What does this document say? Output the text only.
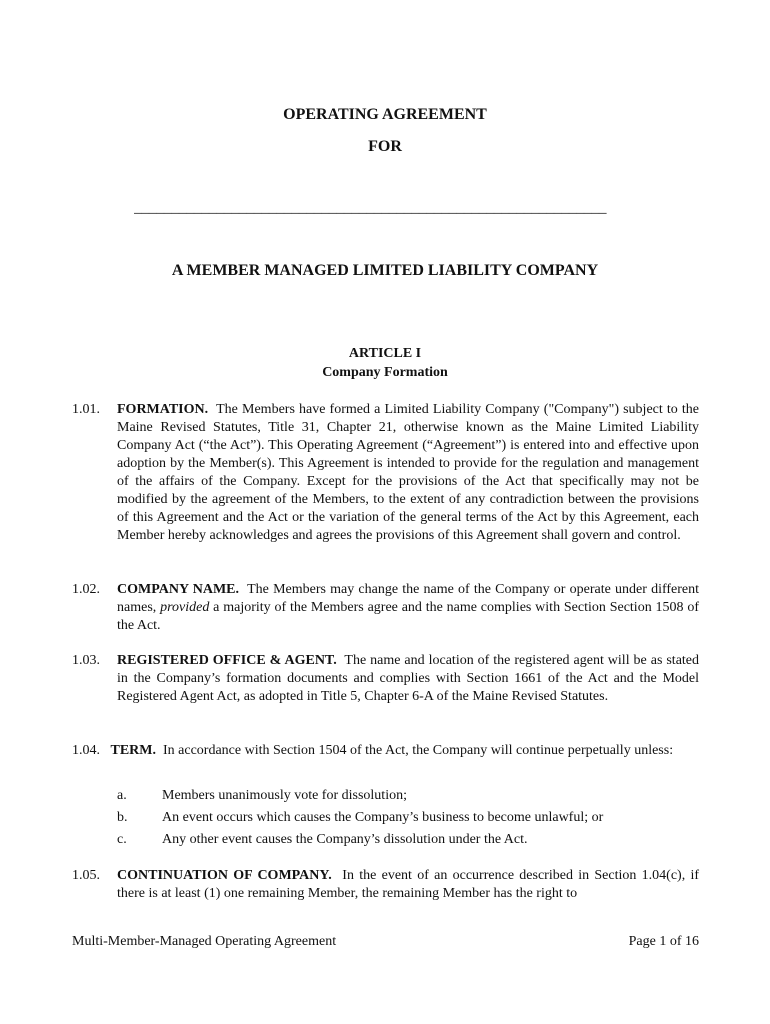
OPERATING AGREEMENT
FOR
_______________________________________________________________
A MEMBER MANAGED LIMITED LIABILITY COMPANY
ARTICLE I
Company Formation
1.01. FORMATION. The Members have formed a Limited Liability Company ("Company") subject to the Maine Revised Statutes, Title 31, Chapter 21, otherwise known as the Maine Limited Liability Company Act (“the Act”). This Operating Agreement (“Agreement”) is entered into and effective upon adoption by the Member(s). This Agreement is intended to provide for the regulation and management of the affairs of the Company. Except for the provisions of the Act that specifically may not be modified by the agreement of the Members, to the extent of any contradiction between the provisions of this Agreement and the Act or the variation of the general terms of the Act by this Agreement, each Member hereby acknowledges and agrees the provisions of this Agreement shall govern and control.
1.02. COMPANY NAME. The Members may change the name of the Company or operate under different names, provided a majority of the Members agree and the name complies with Section Section 1508 of the Act.
1.03. REGISTERED OFFICE & AGENT. The name and location of the registered agent will be as stated in the Company’s formation documents and complies with Section 1661 of the Act and the Model Registered Agent Act, as adopted in Title 5, Chapter 6-A of the Maine Revised Statutes.
1.04. TERM. In accordance with Section 1504 of the Act, the Company will continue perpetually unless:
a.	Members unanimously vote for dissolution;
b. An event occurs which causes the Company’s business to become unlawful; or
c.	Any other event causes the Company’s dissolution under the Act.
1.05. CONTINUATION OF COMPANY. In the event of an occurrence described in Section 1.04(c), if there is at least (1) one remaining Member, the remaining Member has the right to
Multi-Member-Managed Operating Agreement	Page 1 of 16
